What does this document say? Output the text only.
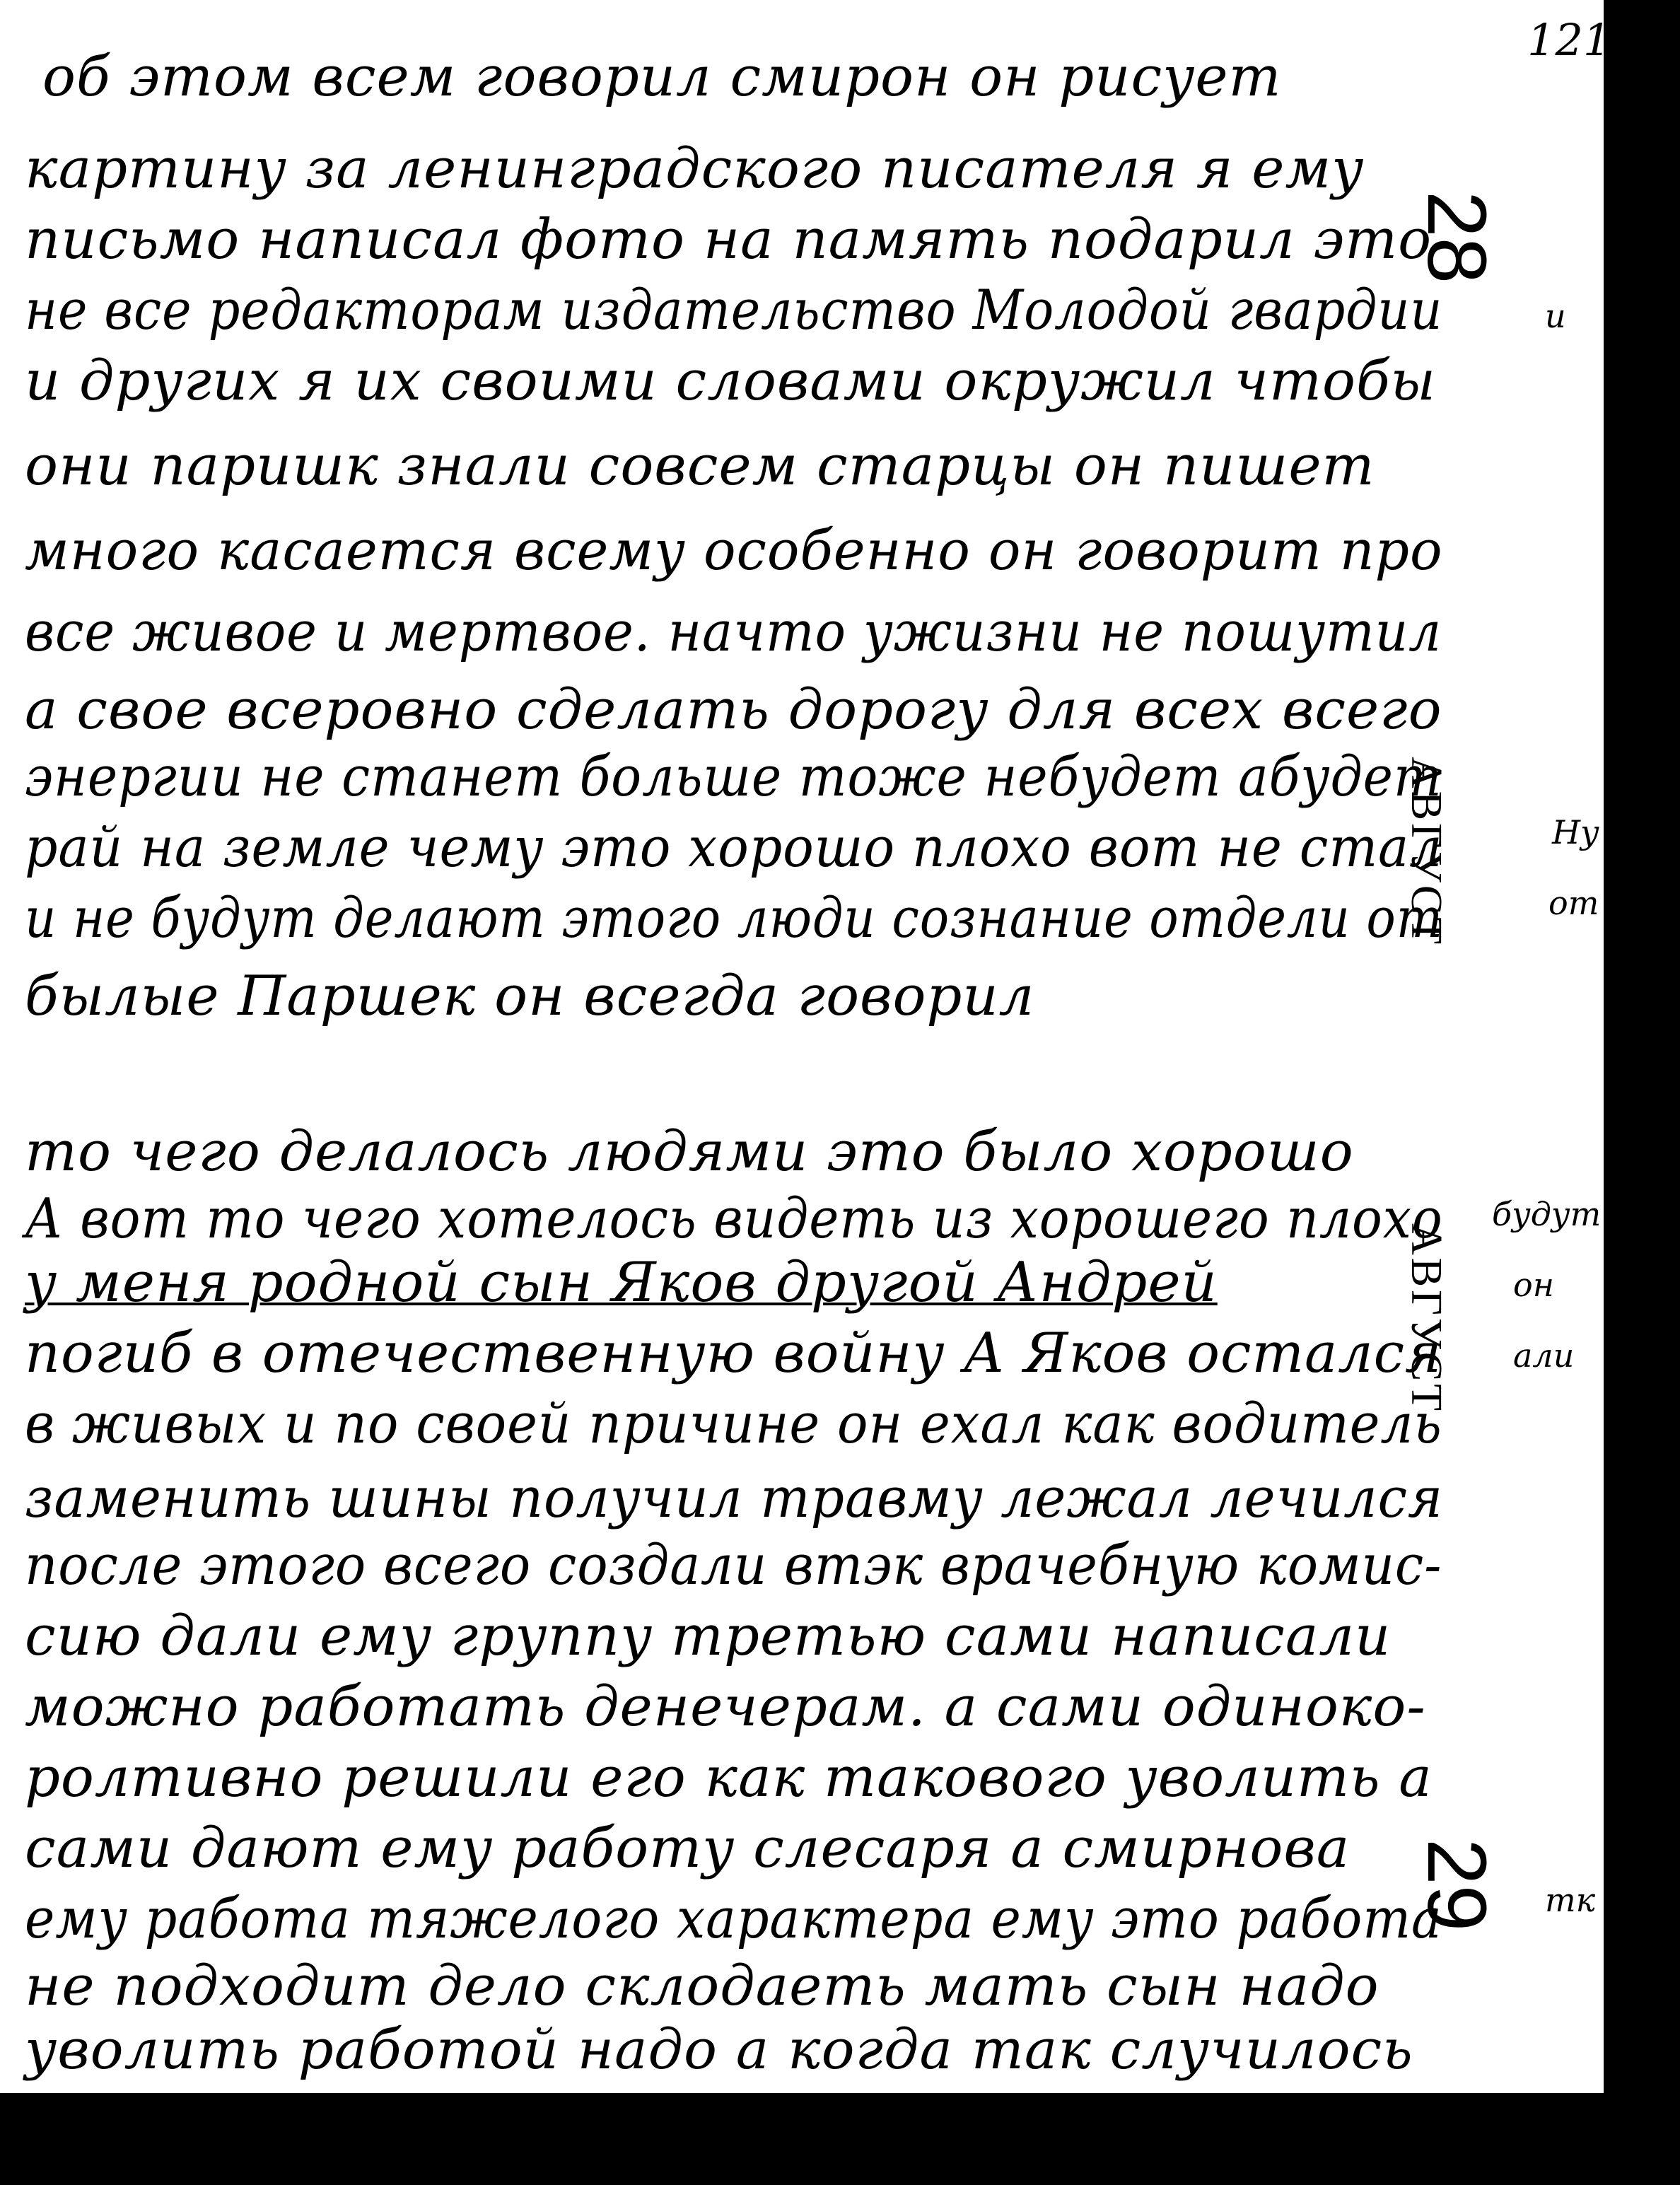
121
28
29
АВГУСТ
АВГУСТ
и
Ну
от
будут
он
али
тк
об этом всем говорил смирон он рисует
картину за ленинградского писателя я ему
письмо написал фото на память подарил это
не все редакторам издательство Молодой гвардии
и других я их своими словами окружил чтобы
они паришк знали совсем старцы он пишет
много касается всему особенно он говорит про
все живое и мертвое. начто ужизни не пошутил
а свое всеровно сделать дорогу для всех всего
энергии не станет больше тоже небудет абудет
рай на земле чему это хорошо плохо вот не стал
и не будут делают этого люди сознание отдели от
былые Паршек он всегда говорил
то чего делалось людями это было хорошо
А вот то чего хотелось видеть из хорошего плохо
у меня родной сын Яков другой Андрей
погиб в отечественную войну А Яков остался
в живых и по своей причине он ехал как водитель
заменить шины получил травму лежал лечился
после этого всего создали втэк врачебную комис-
сию дали ему группу третью сами написали
можно работать денечерам. а сами одиноко-
ролтивно решили его как такового уволить а
сами дают ему работу слесаря а смирнова
ему работа тяжелого характера ему это работа
не подходит дело склодаеть мать сын надо
уволить работой надо а когда так случилось
